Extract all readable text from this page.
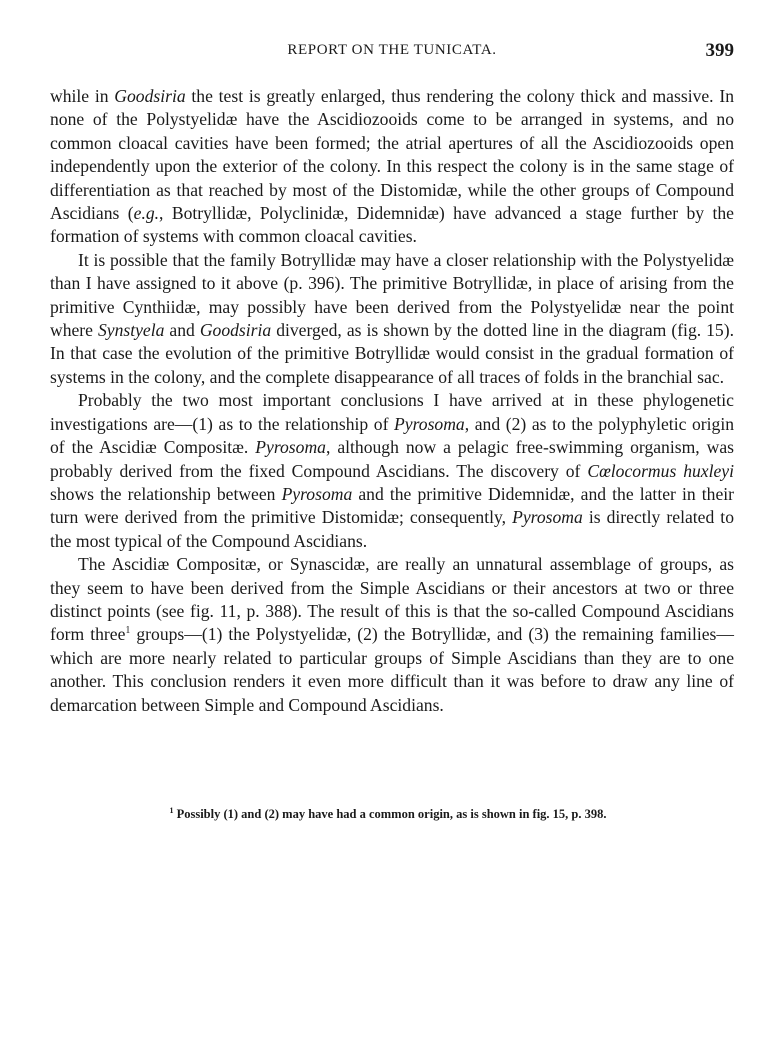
REPORT ON THE TUNICATA.	399

while in Goodsiria the test is greatly enlarged, thus rendering the colony thick and massive. In none of the Polystyelidæ have the Ascidiozooids come to be arranged in systems, and no common cloacal cavities have been formed; the atrial apertures of all the Ascidiozooids open independently upon the exterior of the colony. In this respect the colony is in the same stage of differentiation as that reached by most of the Distomidæ, while the other groups of Compound Ascidians (e.g., Botryllidæ, Polyclinidæ, Didemnidæ) have advanced a stage further by the formation of systems with common cloacal cavities.

It is possible that the family Botryllidæ may have a closer relationship with the Polystyelidæ than I have assigned to it above (p. 396). The primitive Botryllidæ, in place of arising from the primitive Cynthiidæ, may possibly have been derived from the Polystyelidæ near the point where Synstyela and Goodsiria diverged, as is shown by the dotted line in the diagram (fig. 15). In that case the evolution of the primitive Botryllidæ would consist in the gradual formation of systems in the colony, and the complete disappearance of all traces of folds in the branchial sac.

Probably the two most important conclusions I have arrived at in these phylogenetic investigations are—(1) as to the relationship of Pyrosoma, and (2) as to the polyphyletic origin of the Ascidiæ Compositæ. Pyrosoma, although now a pelagic free-swimming organism, was probably derived from the fixed Compound Ascidians. The discovery of Cœlocormus huxleyi shows the relationship between Pyrosoma and the primitive Didemnidæ, and the latter in their turn were derived from the primitive Distomidæ; consequently, Pyrosoma is directly related to the most typical of the Compound Ascidians.

The Ascidiæ Compositæ, or Synascidæ, are really an unnatural assemblage of groups, as they seem to have been derived from the Simple Ascidians or their ancestors at two or three distinct points (see fig. 11, p. 388). The result of this is that the so-called Compound Ascidians form three$^1$ groups—(1) the Polystyelidæ, (2) the Botryllidæ, and (3) the remaining families—which are more nearly related to particular groups of Simple Ascidians than they are to one another. This conclusion renders it even more difficult than it was before to draw any line of demarcation between Simple and Compound Ascidians.

$^1$ Possibly (1) and (2) may have had a common origin, as is shown in fig. 15, p. 398.
